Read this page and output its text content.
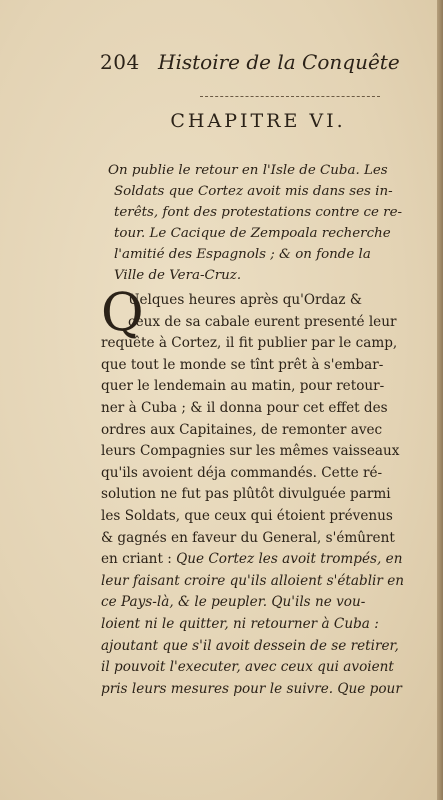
204 Histoire de la Conquête
CHAPITRE VI.
On publie le retour en l'Isle de Cuba. Les
Soldats que Cortez avoit mis dans ses in-
terêts, font des protestations contre ce re-
tour. Le Cacique de Zempoala recherche
l'amitié des Espagnols ; & on fonde la
Ville de Vera-Cruz.
Q
Uelques heures après qu'Ordaz &
ceux de sa cabale eurent presenté leur
requête à Cortez, il fit publier par le camp,
que tout le monde se tînt prêt à s'embar-
quer le lendemain au matin, pour retour-
ner à Cuba ; & il donna pour cet effet des
ordres aux Capitaines, de remonter avec
leurs Compagnies sur les mêmes vaisseaux
qu'ils avoient déja commandés. Cette ré-
solution ne fut pas plûtôt divulguée parmi
les Soldats, que ceux qui étoient prévenus
& gagnés en faveur du General, s'émûrent
en criant : Que Cortez les avoit trompés, en
leur faisant croire qu'ils alloient s'établir en
ce Pays-là, & le peupler. Qu'ils ne vou-
loient ni le quitter, ni retourner à Cuba :
ajoutant que s'il avoit dessein de se retirer,
il pouvoit l'executer, avec ceux qui avoient
pris leurs mesures pour le suivre. Que pour
